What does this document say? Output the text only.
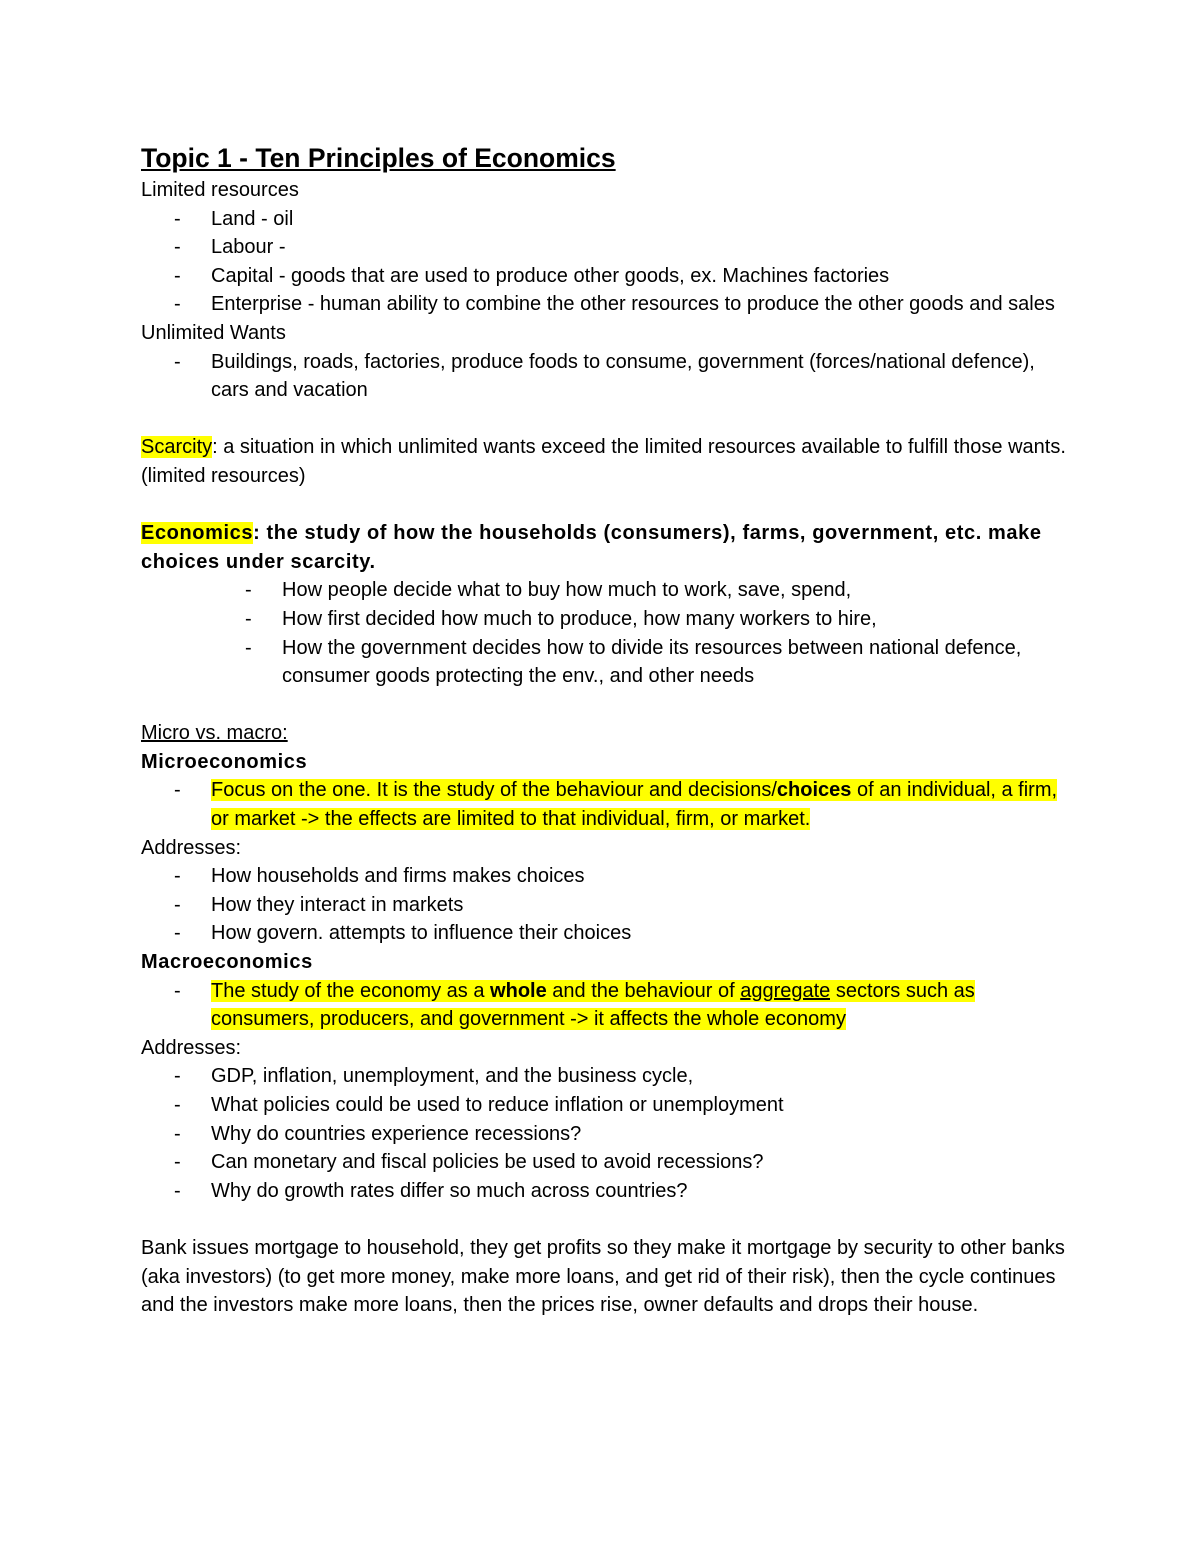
Topic 1 - Ten Principles of Economics

Limited resources

- Land - oil
- Labour -
- Capital - goods that are used to produce other goods, ex. Machines factories
- Enterprise - human ability to combine the other resources to produce the other goods and sales

Unlimited Wants

- Buildings, roads, factories, produce foods to consume, government (forces/national defence), cars and vacation

Scarcity: a situation in which unlimited wants exceed the limited resources available to fulfill those wants. (limited resources)

Economics: the study of how the households (consumers), farms, government, etc. make choices under scarcity.

- How people decide what to buy how much to work, save, spend,
- How first decided how much to produce, how many workers to hire,
- How the government decides how to divide its resources between national defence, consumer goods protecting the env., and other needs

Micro vs. macro:

Microeconomics

- Focus on the one. It is the study of the behaviour and decisions/choices of an individual, a firm, or market -> the effects are limited to that individual, firm, or market.

Addresses:

- How households and firms makes choices
- How they interact in markets
- How govern. attempts to influence their choices

Macroeconomics

- The study of the economy as a whole and the behaviour of aggregate sectors such as consumers, producers, and government -> it affects the whole economy

Addresses:

- GDP, inflation, unemployment, and the business cycle,
- What policies could be used to reduce inflation or unemployment
- Why do countries experience recessions?
- Can monetary and fiscal policies be used to avoid recessions?
- Why do growth rates differ so much across countries?

Bank issues mortgage to household, they get profits so they make it mortgage by security to other banks (aka investors) (to get more money, make more loans, and get rid of their risk), then the cycle continues and the investors make more loans, then the prices rise, owner defaults and drops their house.
